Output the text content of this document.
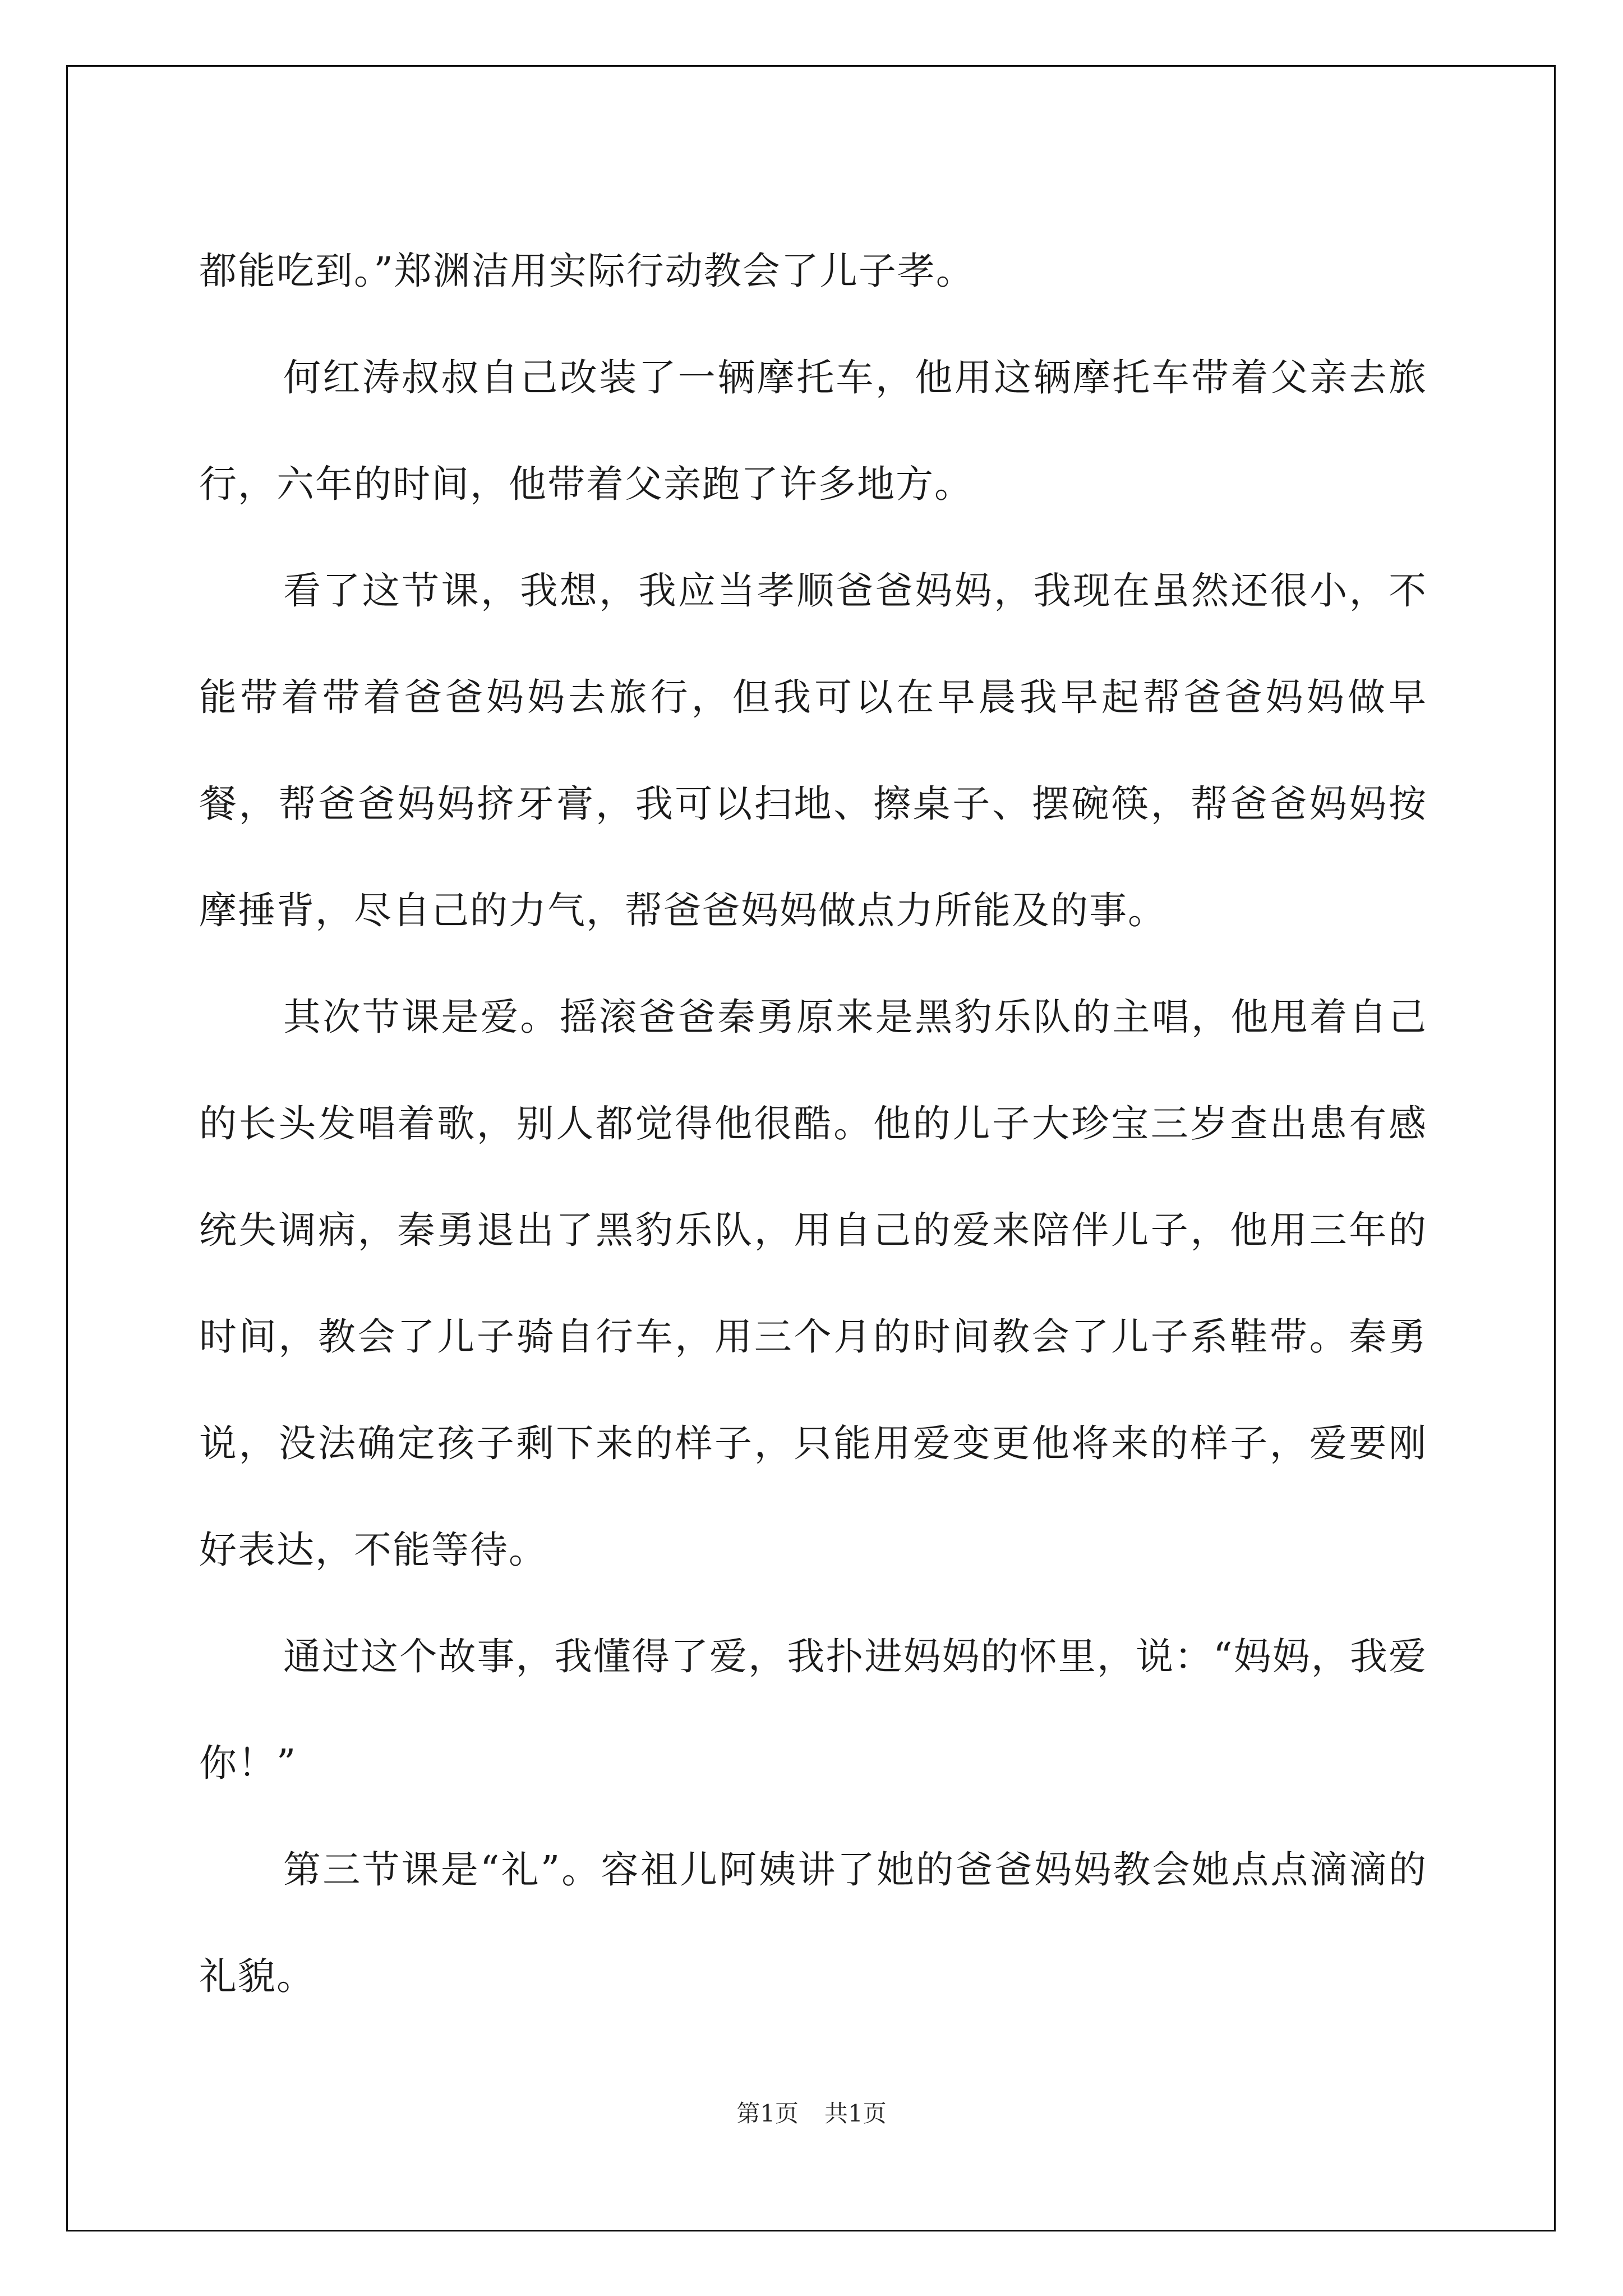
都能吃到。”郑渊洁用实际行动教会了儿子孝。

何红涛叔叔自己改装了一辆摩托车，他用这辆摩托车带着父亲去旅行，六年的时间，他带着父亲跑了许多地方。

看了这节课，我想，我应当孝顺爸爸妈妈，我现在虽然还很小，不能带着带着爸爸妈妈去旅行，但我可以在早晨我早起帮爸爸妈妈做早餐，帮爸爸妈妈挤牙膏，我可以扫地、擦桌子、摆碗筷，帮爸爸妈妈按摩捶背，尽自己的力气，帮爸爸妈妈做点力所能及的事。

其次节课是爱。摇滚爸爸秦勇原来是黑豹乐队的主唱，他甩着自己的长头发唱着歌，别人都觉得他很酷。他的儿子大珍宝三岁查出患有感统失调病，秦勇退出了黑豹乐队，用自己的爱来陪伴儿子，他用三年的时间，教会了儿子骑自行车，用三个月的时间教会了儿子系鞋带。秦勇说，没法确定孩子剩下来的样子，只能用爱变更他将来的样子，爱要刚好表达，不能等待。

通过这个故事，我懂得了爱，我扑进妈妈的怀里，说：“妈妈，我爱你！”

第三节课是“礼”。容祖儿阿姨讲了她的爸爸妈妈教会她点点滴滴的礼貌。

第1页 共1页
